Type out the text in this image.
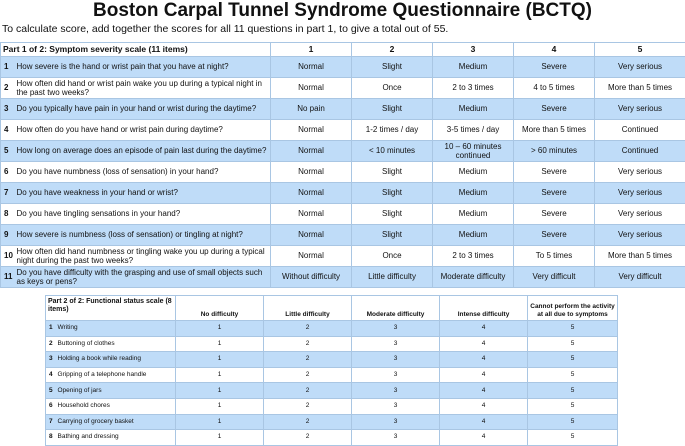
Boston Carpal Tunnel Syndrome Questionnaire (BCTQ)
To calculate score, add together the scores for all 11 questions in part 1, to give a total out of 55.
Part 1 of 2: Symptom severity scale (11 items)		1	2	3	4	5
1	How severe is the hand or wrist pain that you have at night?	Normal	Slight	Medium	Severe	Very serious
2	How often did hand or wrist pain wake you up during a typical night in the past two weeks?	Normal	Once	2 to 3 times	4 to 5 times	More than 5 times
3	Do you typically have pain in your hand or wrist during the daytime?	No pain	Slight	Medium	Severe	Very serious
4	How often do you have hand or wrist pain during daytime?	Normal	1-2 times / day	3-5 times / day	More than 5 times	Continued
5	How long on average does an episode of pain last during the daytime?	Normal	< 10 minutes	10 – 60 minutes continued	> 60 minutes	Continued
6	Do you have numbness (loss of sensation) in your hand?	Normal	Slight	Medium	Severe	Very serious
7	Do you have weakness in your hand or wrist?	Normal	Slight	Medium	Severe	Very serious
8	Do you have tingling sensations in your hand?	Normal	Slight	Medium	Severe	Very serious
9	How severe is numbness (loss of sensation) or tingling at night?	Normal	Slight	Medium	Severe	Very serious
10	How often did hand numbness or tingling wake you up during a typical night during the past two weeks?	Normal	Once	2 to 3 times	To 5 times	More than 5 times
11	Do you have difficulty with the grasping and use of small objects such as keys or pens?	Without difficulty	Little difficulty	Moderate difficulty	Very difficult	Very difficult
Part 2 of 2: Functional status scale (8 items)		No difficulty	Little difficulty	Moderate difficulty	Intense difficulty	Cannot perform the activity at all due to symptoms
1	Writing	1	2	3	4	5
2	Buttoning of clothes	1	2	3	4	5
3	Holding a book while reading	1	2	3	4	5
4	Gripping of a telephone handle	1	2	3	4	5
5	Opening of jars	1	2	3	4	5
6	Household chores	1	2	3	4	5
7	Carrying of grocery basket	1	2	3	4	5
8	Bathing and dressing	1	2	3	4	5
